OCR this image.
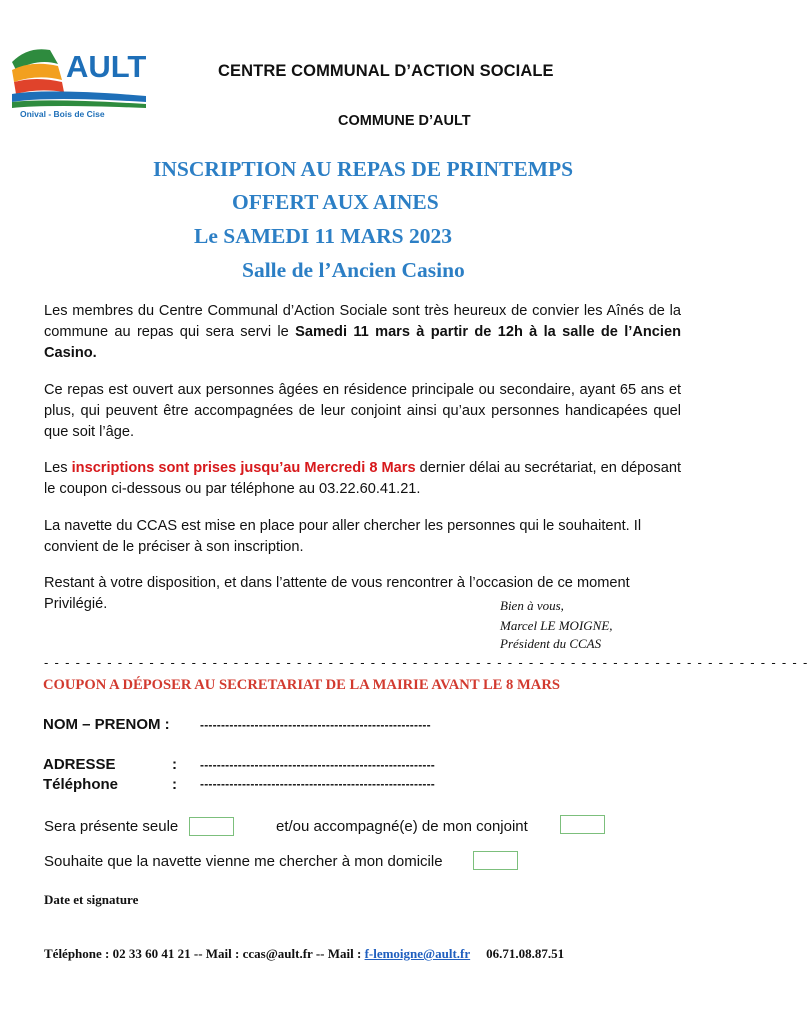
AULT
Onival - Bois de Cise
CENTRE COMMUNAL D’ACTION SOCIALE
COMMUNE D’AULT
INSCRIPTION AU REPAS DE PRINTEMPS
OFFERT AUX AINES
Le SAMEDI 11 MARS 2023
Salle de l’Ancien Casino
Les membres du Centre Communal d’Action Sociale sont très heureux de convier les Aînés de la commune au repas qui sera servi le Samedi 11 mars à partir de 12h à la salle de l’Ancien Casino.
Ce repas est ouvert aux personnes âgées en résidence principale ou secondaire, ayant 65 ans et plus, qui peuvent être accompagnées de leur conjoint ainsi qu’aux personnes handicapées quel que soit l’âge.
Les inscriptions sont prises jusqu’au Mercredi 8 Mars dernier délai au secrétariat, en déposant le coupon ci-dessous ou par téléphone au 03.22.60.41.21.
La navette du CCAS est mise en place pour aller chercher les personnes qui le souhaitent. Il convient de le préciser à son inscription.
Restant à votre disposition, et dans l’attente de vous rencontrer à l’occasion de ce moment Privilégié.	Bien à vous,
Marcel LE MOIGNE,
Président du CCAS
- - - - - - - - - - - - - - - - - - - - - - - - - - - - - - - - - - - - - - - - - - - - - - - - - - - - - - - - - - - - - - - - - - - - - - - - -
COUPON A DÉPOSER AU SECRETARIAT DE LA MAIRIE AVANT LE 8 MARS
NOM – PRENOM :	-------------------------------------------------------
ADRESSE	: --------------------------------------------------------
Téléphone	: --------------------------------------------------------
Sera présente seule	et/ou accompagné(e) de mon conjoint
Souhaite que la navette vienne me chercher à mon domicile
Date et signature
Téléphone : 02 33 60 41 21 -- Mail : ccas@ault.fr -- Mail : f-lemoigne@ault.fr 06.71.08.87.51
